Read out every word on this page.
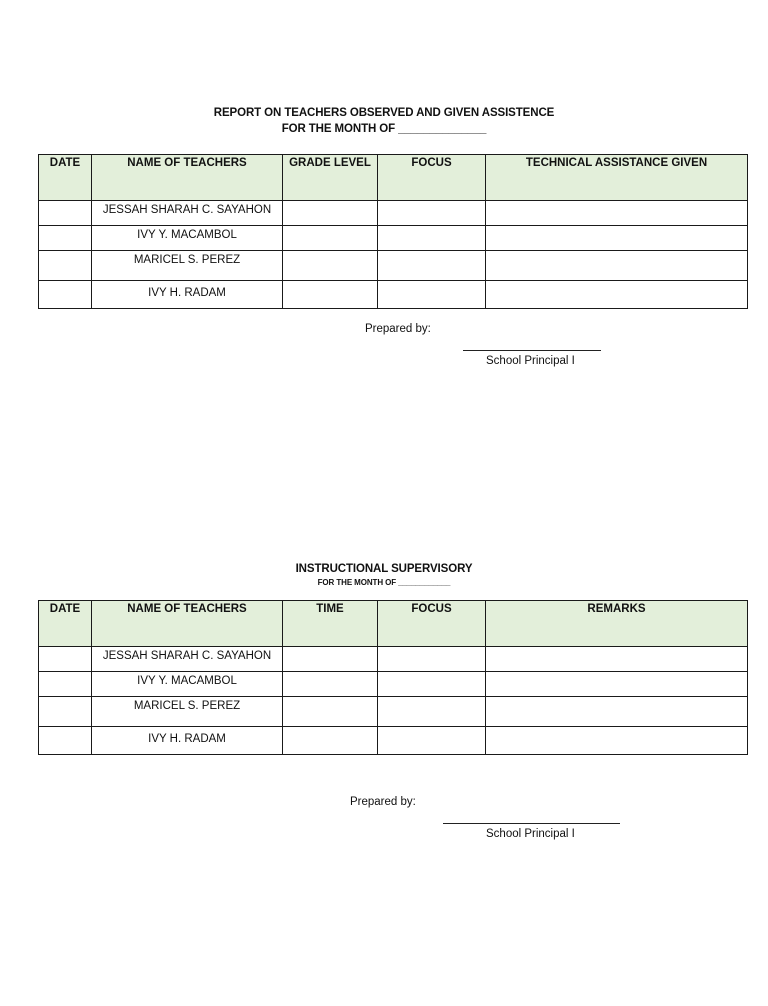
REPORT ON TEACHERS OBSERVED AND GIVEN ASSISTENCE
FOR THE MONTH OF ______________
DATE	NAME OF TEACHERS	GRADE LEVEL	FOCUS	TECHNICAL ASSISTANCE GIVEN
	JESSAH SHARAH C. SAYAHON			
	IVY Y. MACAMBOL			
	MARICEL S. PEREZ			
	IVY H. RADAM			
Prepared by:
School Principal I
INSTRUCTIONAL SUPERVISORY
FOR THE MONTH OF ____________
DATE	NAME OF TEACHERS	TIME	FOCUS	REMARKS
	JESSAH SHARAH C. SAYAHON			
	IVY Y. MACAMBOL			
	MARICEL S. PEREZ			
	IVY H. RADAM			
Prepared by:
School Principal I
